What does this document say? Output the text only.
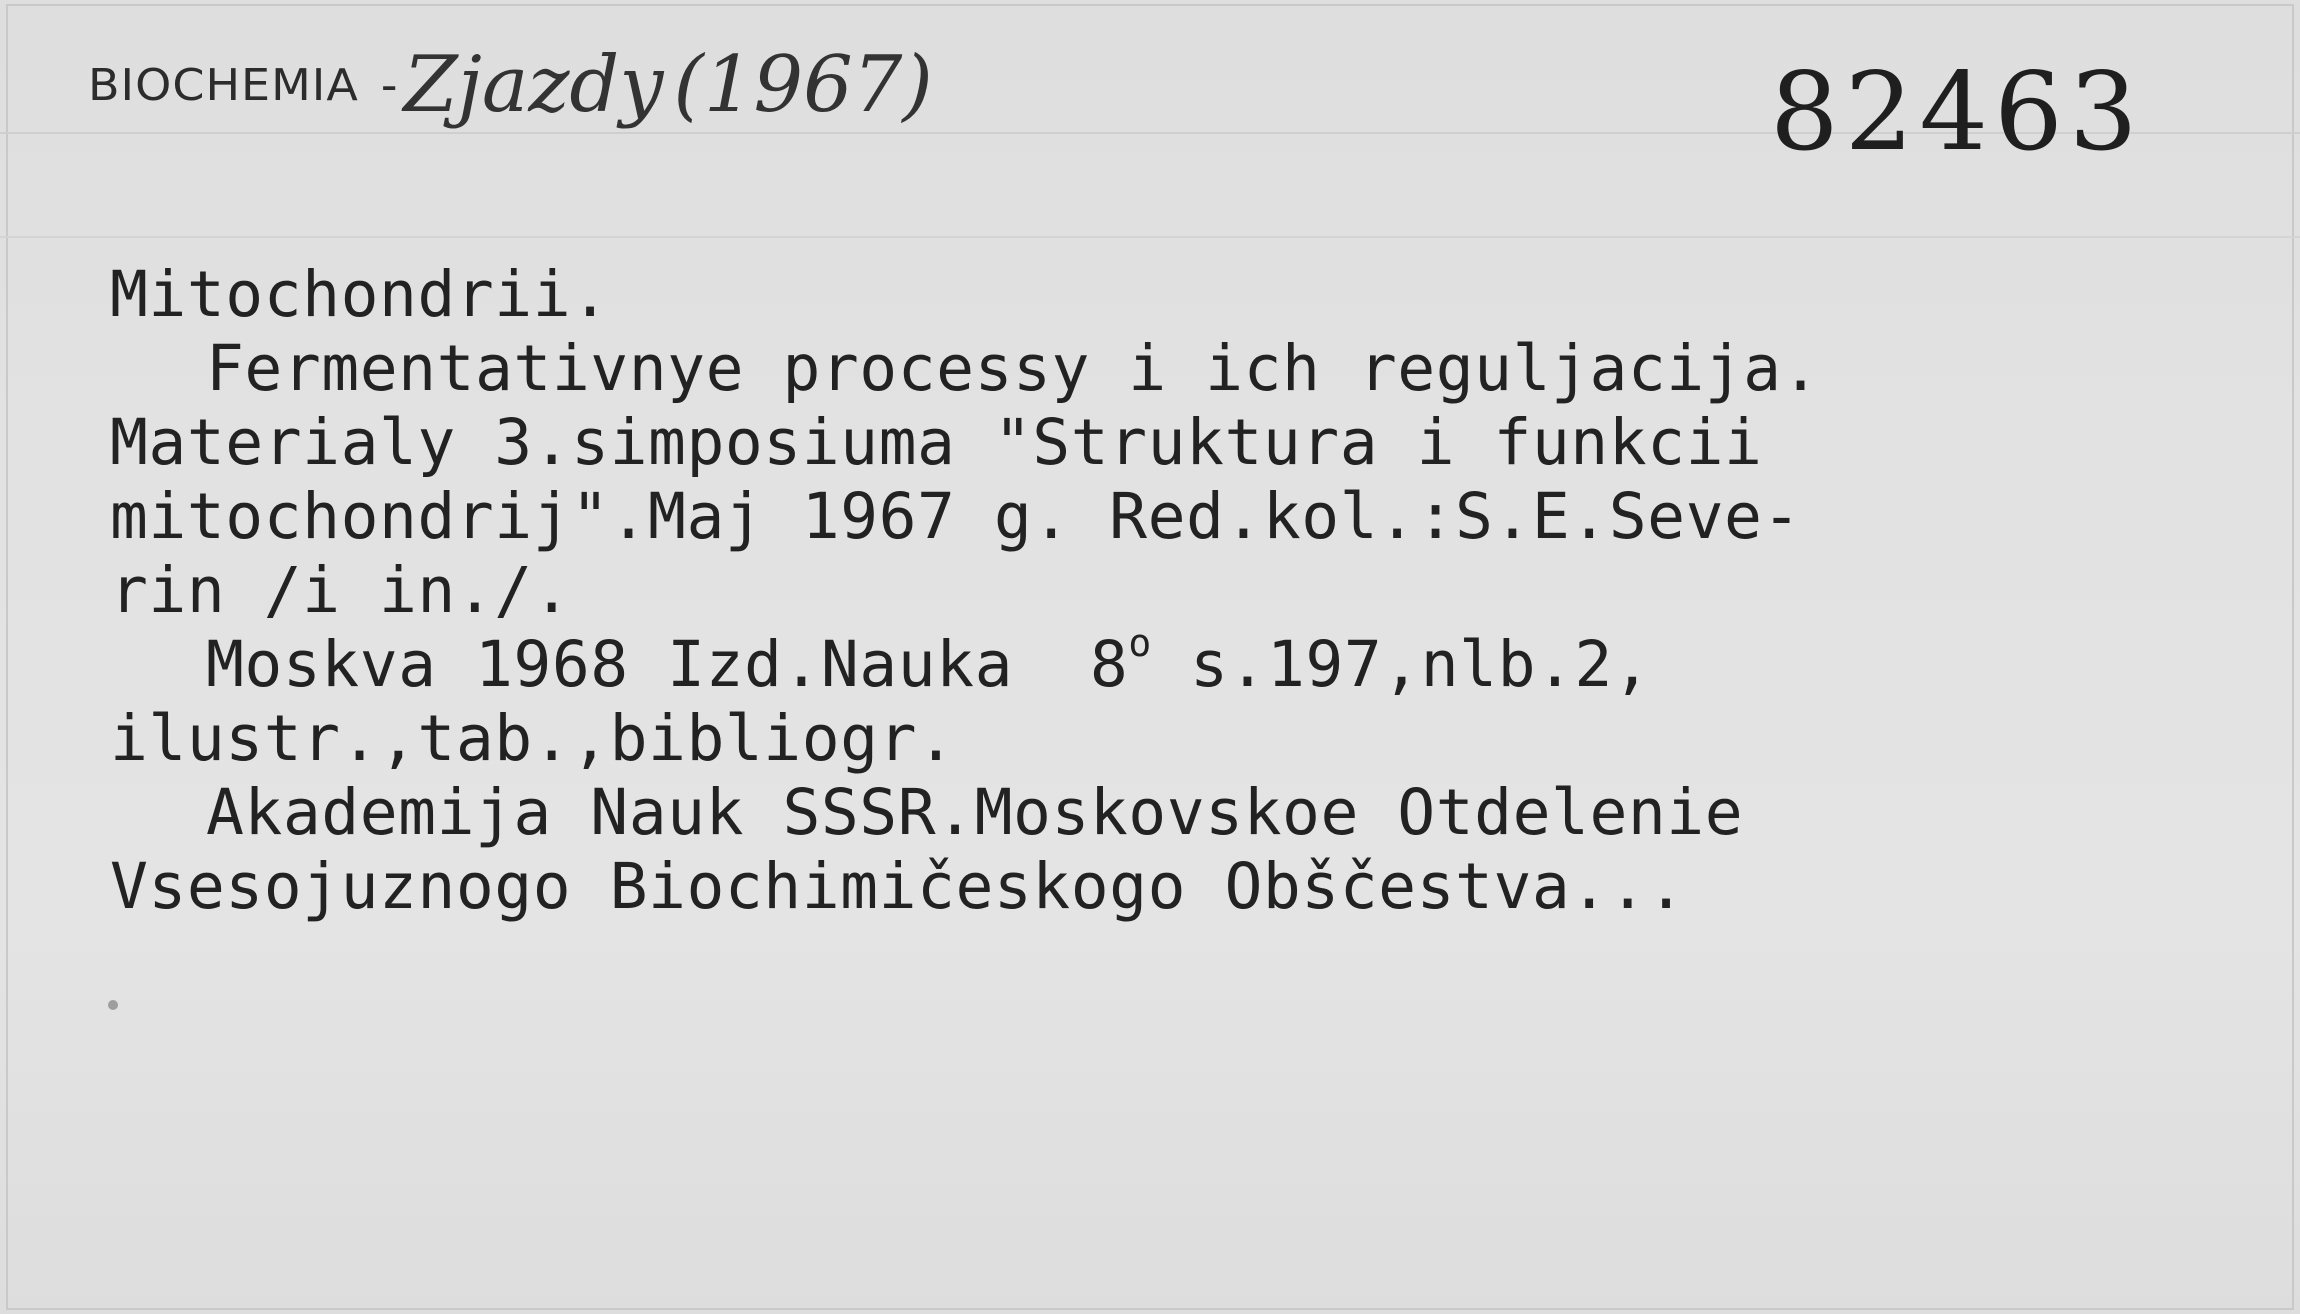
BIOCHEMIA -Zjazdy (1967)	82463
Mitochondrii.
Fermentativnye processy i ich reguljacija.
Materialy 3.simposiuma "Struktura i funkcii
mitochondrij".Maj 1967 g. Red.kol.:S.E.Seve-
rin /i in./.
Moskva 1968 Izd.Nauka  8$^o$ s.197,nlb.2,
ilustr.,tab.,bibliogr.
Akademija Nauk SSSR.Moskovskoe Otdelenie
Vsesojuznogo Biochimičeskogo Obščestva...
